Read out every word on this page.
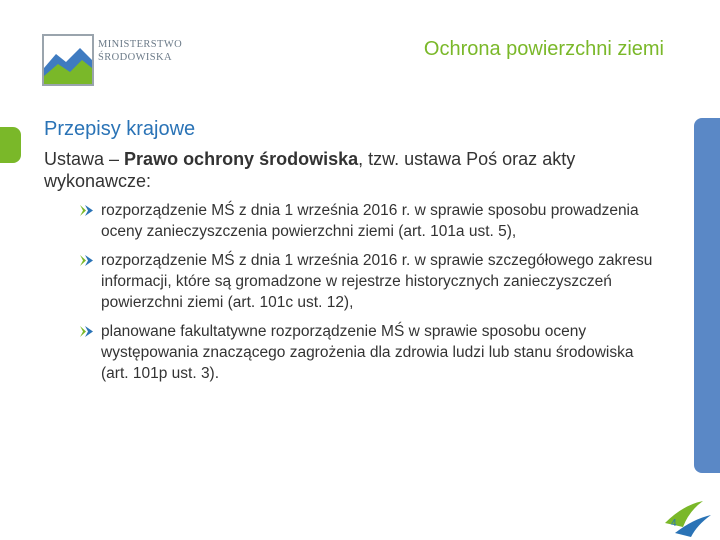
MINISTERSTWO
ŚRODOWISKA	Ochrona powierzchni ziemi
Przepisy krajowe
Ustawa – Prawo ochrony środowiska, tzw. ustawa Poś oraz akty wykonawcze:
rozporządzenie MŚ z dnia 1 września 2016 r. w sprawie sposobu prowadzenia oceny zanieczyszczenia powierzchni ziemi (art. 101a ust. 5),
rozporządzenie MŚ z dnia 1 września 2016 r. w sprawie szczegółowego zakresu informacji, które są gromadzone w rejestrze historycznych zanieczyszczeń powierzchni ziemi (art. 101c ust. 12),
planowane fakultatywne rozporządzenie MŚ w sprawie sposobu oceny występowania znaczącego zagrożenia dla zdrowia ludzi lub stanu środowiska (art. 101p ust. 3).
4
